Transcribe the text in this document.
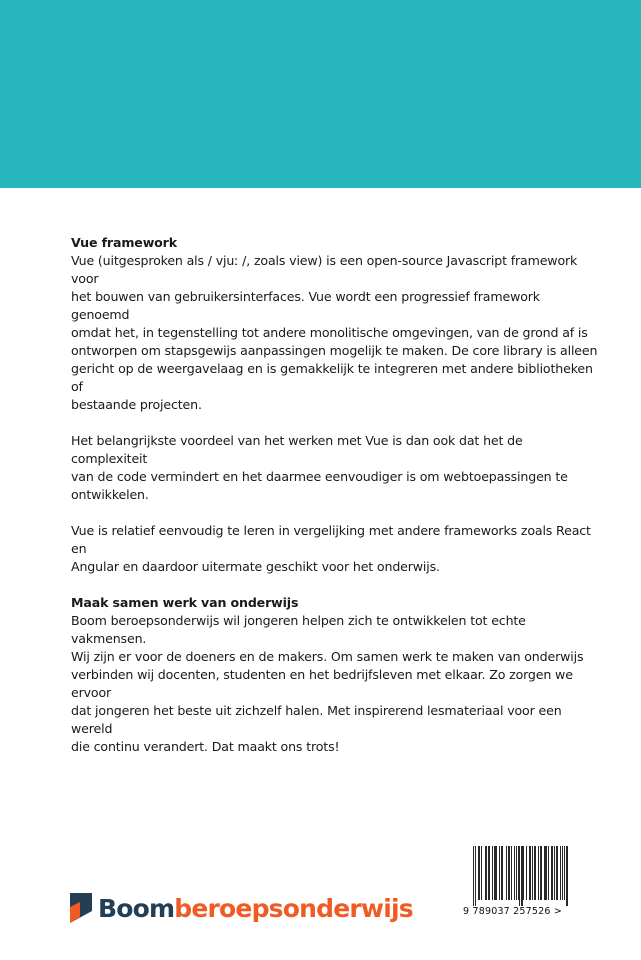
Vue framework

Vue (uitgesproken als / vjuː /, zoals view) is een open-source Javascript framework voor
het bouwen van gebruikersinterfaces. Vue wordt een progressief framework genoemd
omdat het, in tegenstelling tot andere monolitische omgevingen, van de grond af is
ontworpen om stapsgewijs aanpassingen mogelijk te maken. De core library is alleen
gericht op de weergavelaag en is gemakkelijk te integreren met andere bibliotheken of
bestaande projecten.

Het belangrijkste voordeel van het werken met Vue is dan ook dat het de complexiteit
van de code vermindert en het daarmee eenvoudiger is om webtoepassingen te
ontwikkelen.

Vue is relatief eenvoudig te leren in vergelijking met andere frameworks zoals React en
Angular en daardoor uitermate geschikt voor het onderwijs.

Maak samen werk van onderwijs

Boom beroepsonderwijs wil jongeren helpen zich te ontwikkelen tot echte vakmensen.
Wij zijn er voor de doeners en de makers. Om samen werk te maken van onderwijs
verbinden wij docenten, studenten en het bedrijfsleven met elkaar. Zo zorgen we ervoor
dat jongeren het beste uit zichzelf halen. Met inspirerend lesmateriaal voor een wereld
die continu verandert. Dat maakt ons trots!

Boom beroepsonderwijs	9 789037 257526 >
